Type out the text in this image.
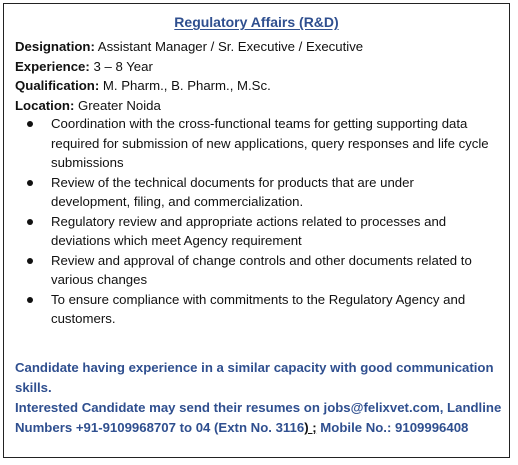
Regulatory Affairs (R&D)
Designation: Assistant Manager / Sr. Executive / Executive
Experience: 3 – 8 Year
Qualification: M. Pharm., B. Pharm., M.Sc.
Location: Greater Noida
Coordination with the cross-functional teams for getting supporting data required for submission of new applications, query responses and life cycle submissions
Review of the technical documents for products that are under development, filing, and commercialization.
Regulatory review and appropriate actions related to processes and deviations which meet Agency requirement
Review and approval of change controls and other documents related to various changes
To ensure compliance with commitments to the Regulatory Agency and customers.
Candidate having experience in a similar capacity with good communication skills.
Interested Candidate may send their resumes on jobs@felixvet.com, Landline Numbers +91-9109968707 to 04 (Extn No. 3116) ; Mobile No.: 9109996408
